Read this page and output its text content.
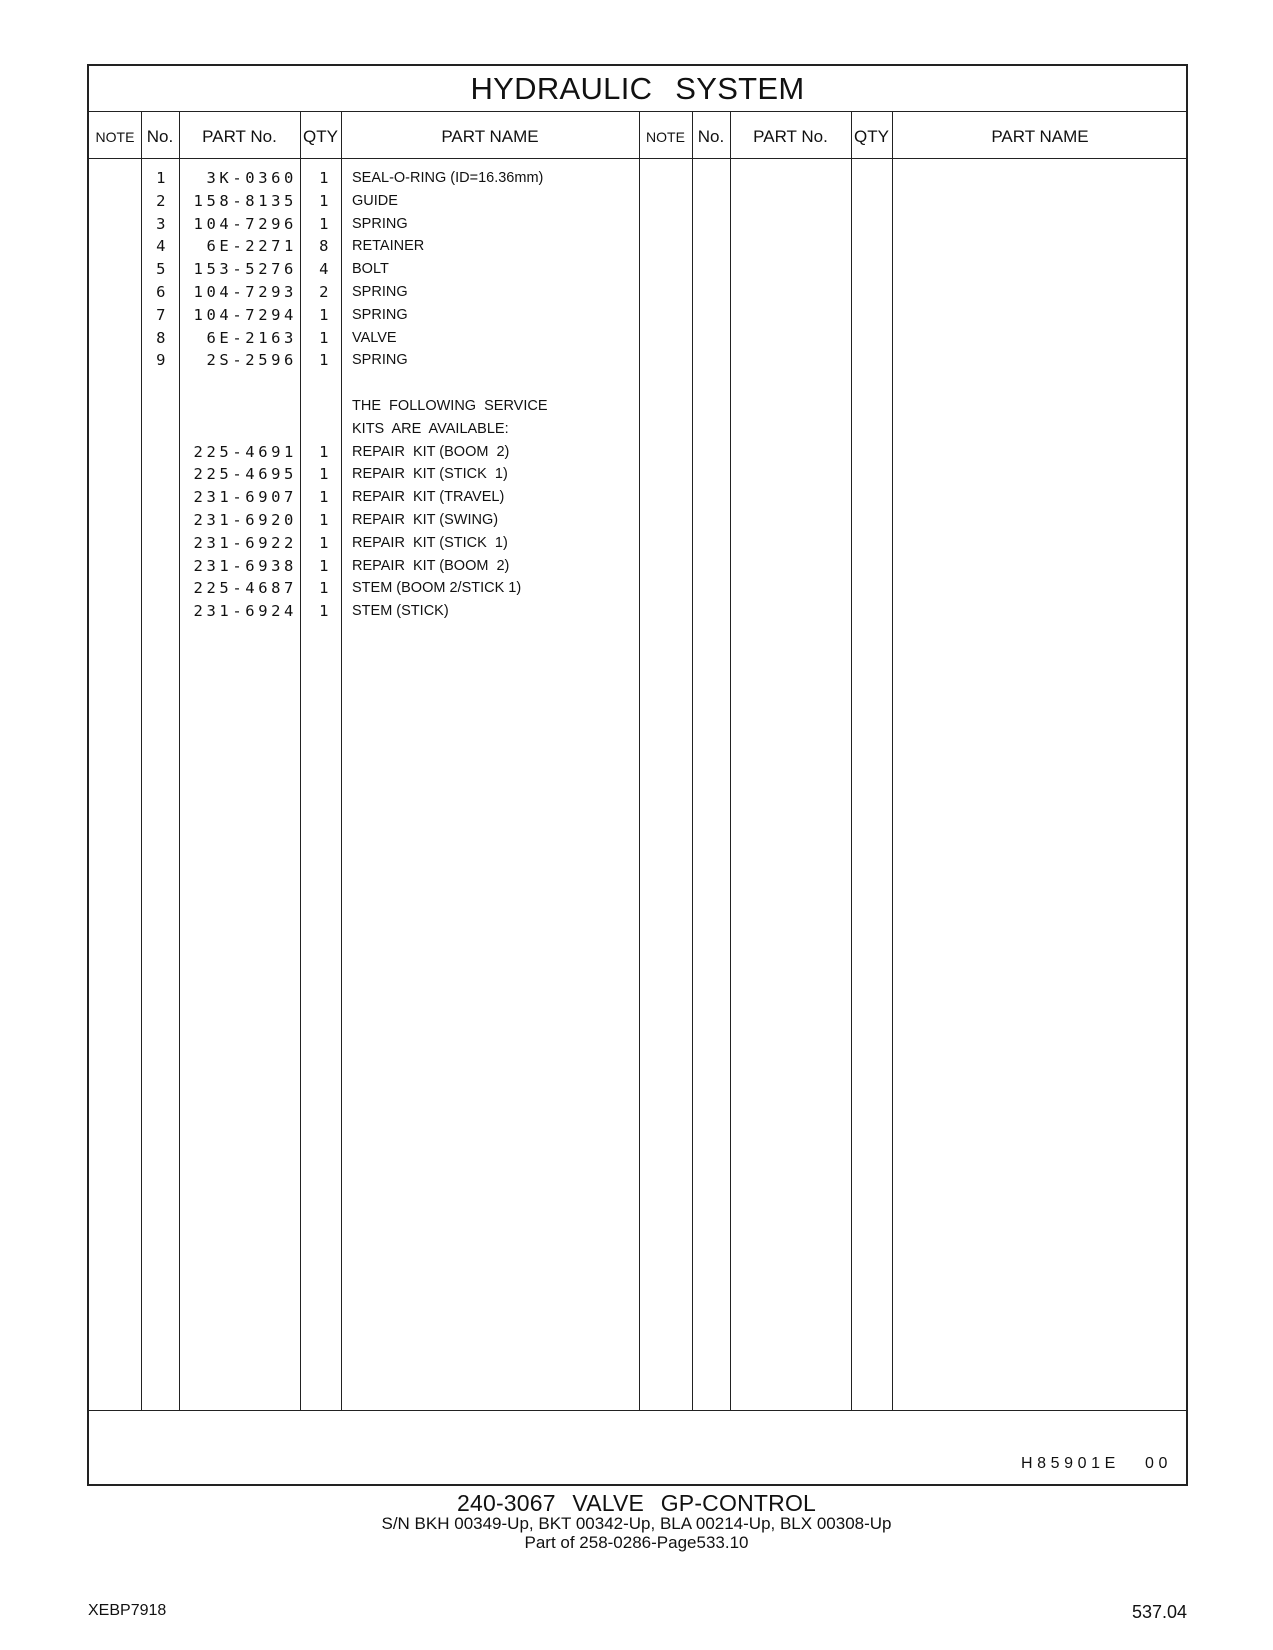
HYDRAULIC SYSTEM
NOTE No.	PART No.	QTY	PART NAME	NOTE No.	PART No.	QTY	PART NAME
1	3K-0360	1 SEAL-O-RING (ID=16.36mm)
2	158-8135	1 GUIDE
3	104-7296	1 SPRING
4	6E-2271	8 RETAINER
5	153-5276	4 BOLT
6	104-7293	2 SPRING
7	104-7294	1 SPRING
8	6E-2163	1 VALVE
9	2S-2596	1 SPRING
THE  FOLLOWING  SERVICE
KITS  ARE  AVAILABLE:
225-4691	1 REPAIR  KIT (BOOM  2)
225-4695	1 REPAIR  KIT (STICK  1)
231-6907	1 REPAIR  KIT (TRAVEL)
231-6920	1 REPAIR  KIT (SWING)
231-6922	1 REPAIR  KIT (STICK  1)
231-6938	1 REPAIR  KIT (BOOM  2)
225-4687	1 STEM (BOOM 2/STICK 1)
231-6924	1 STEM (STICK)
H85901E 00
240-3067 VALVE GP-CONTROL
S/N BKH 00349-Up, BKT 00342-Up, BLA 00214-Up, BLX 00308-Up
Part of 258-0286-Page533.10
XEBP7918	537.04
